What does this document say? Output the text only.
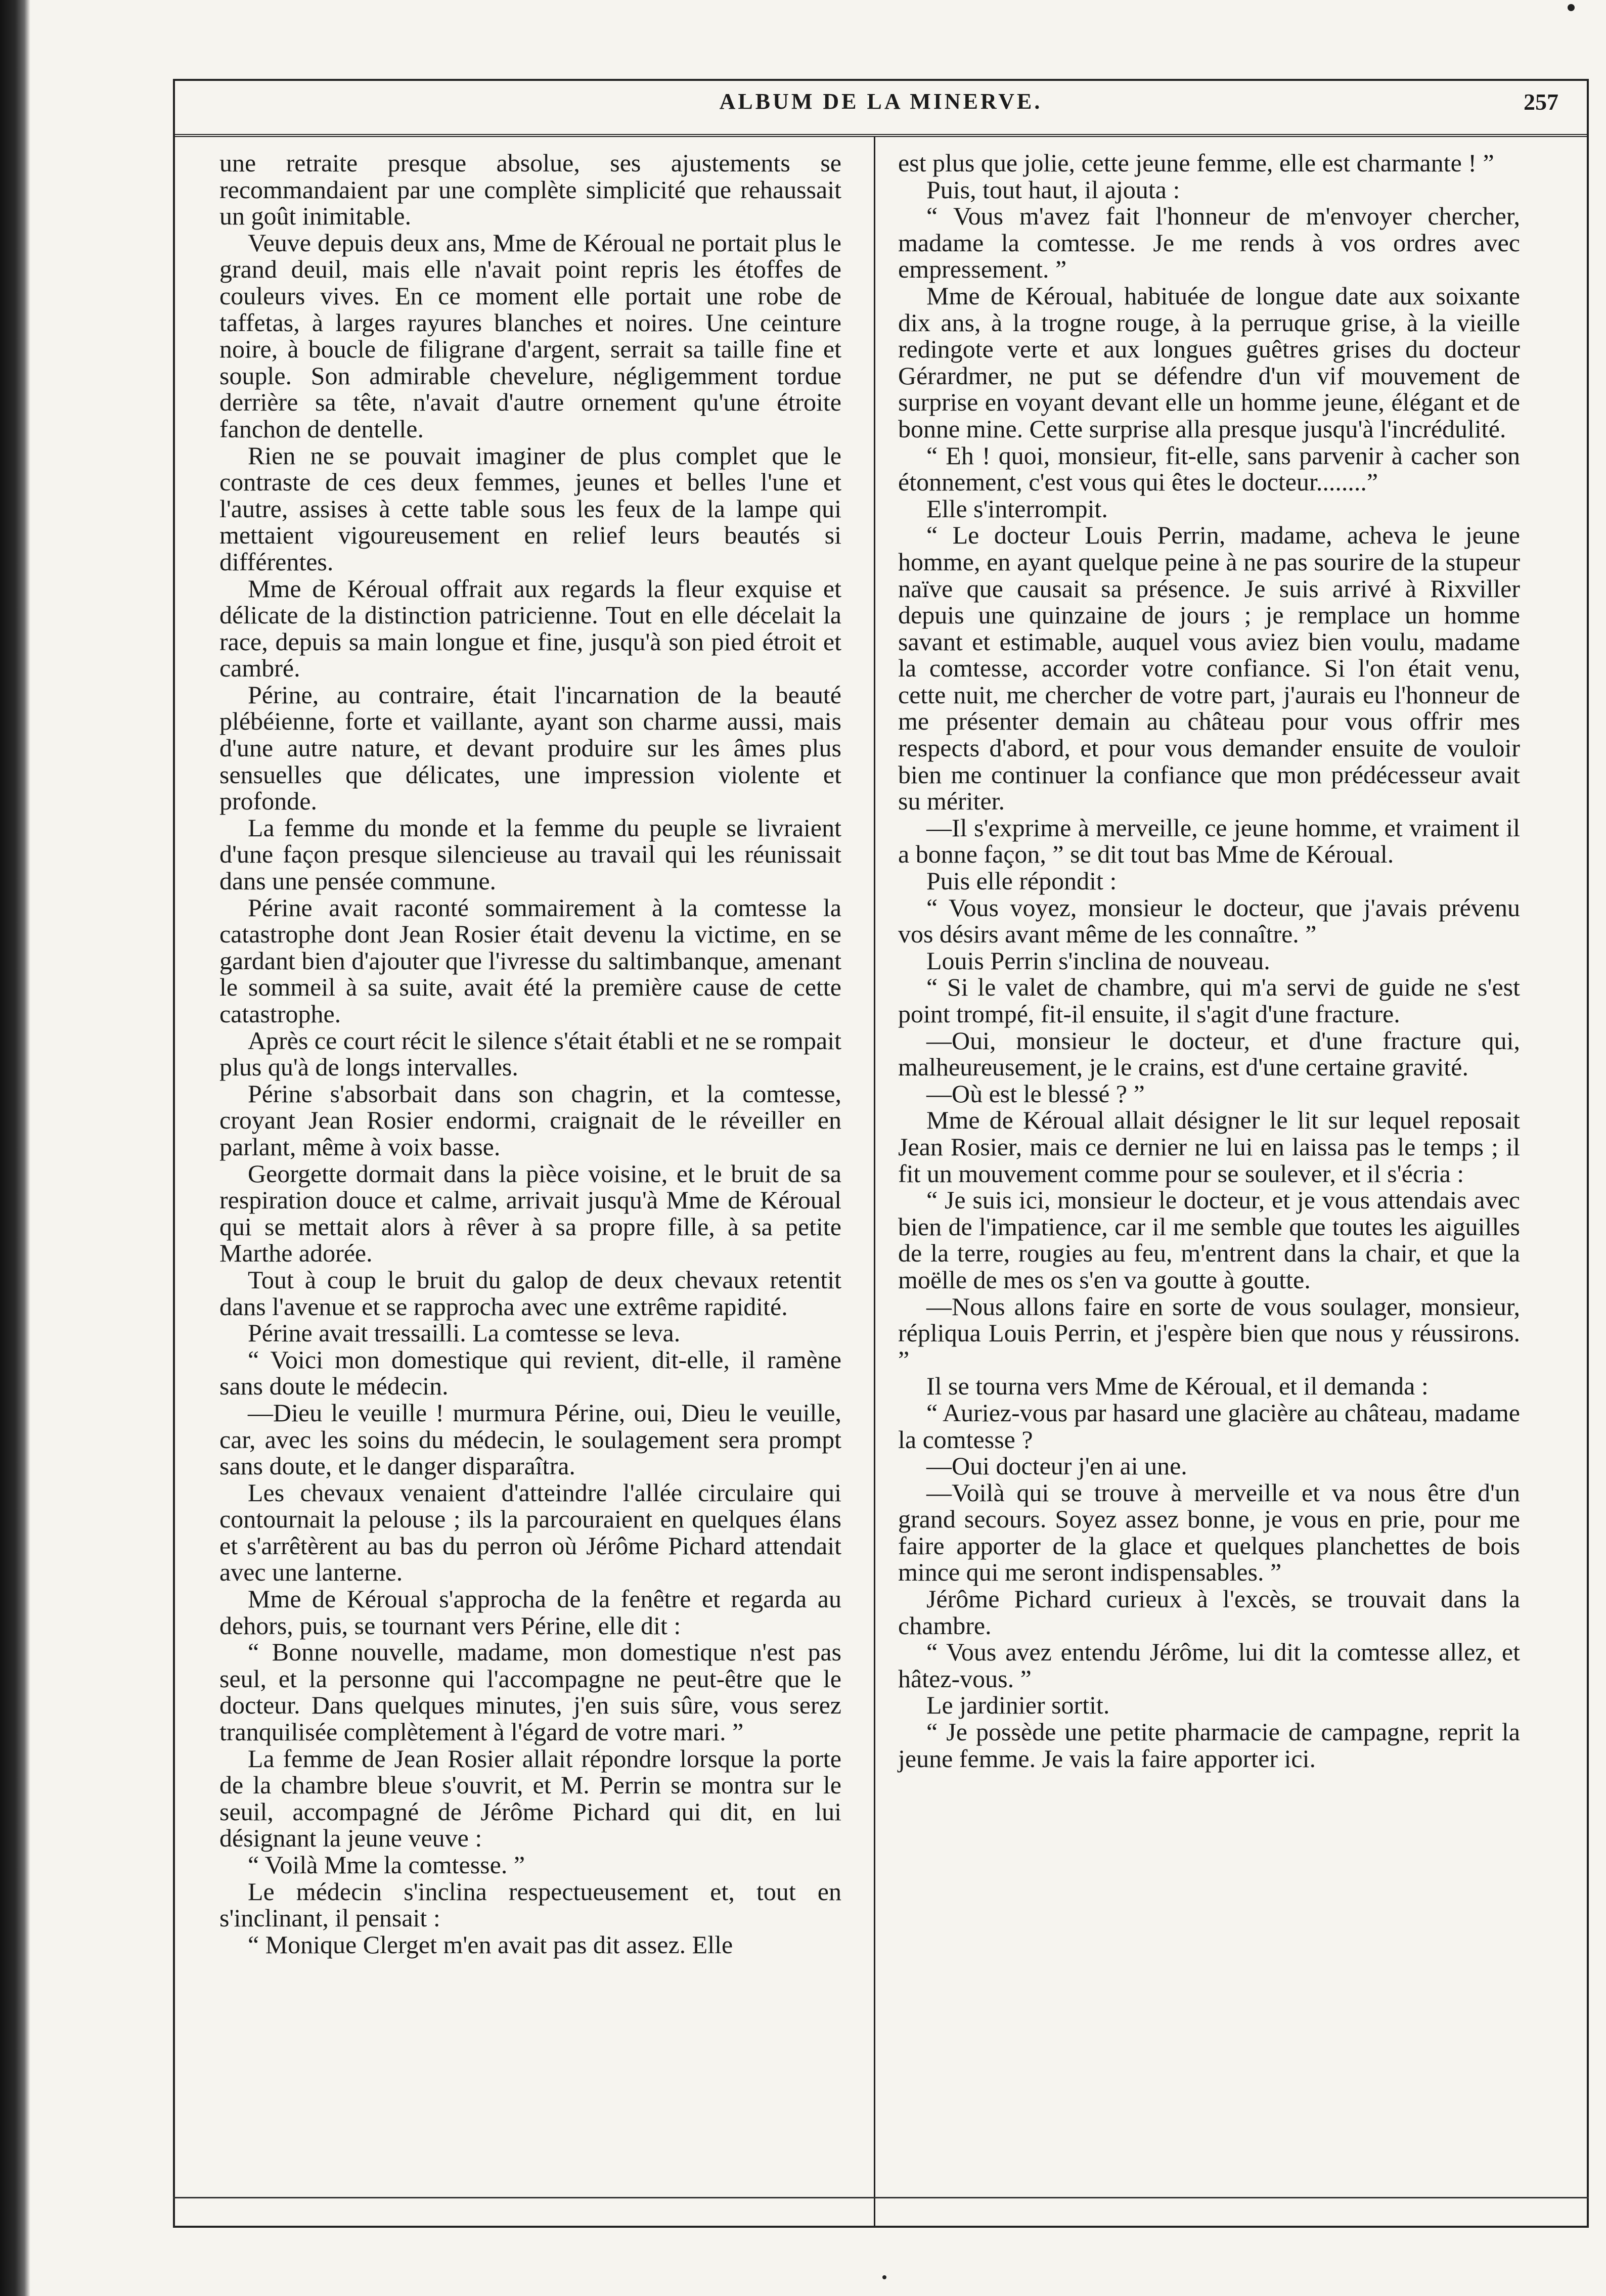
ALBUM DE LA MINERVE.	257

une retraite presque absolue, ses ajustements se recommandaient par une complète simplicité que rehaussait un goût inimitable.

Veuve depuis deux ans, Mme de Kéroual ne portait plus le grand deuil, mais elle n'avait point repris les étoffes de couleurs vives. En ce moment elle portait une robe de taffetas, à larges rayures blanches et noires. Une ceinture noire, à boucle de filigrane d'argent, serrait sa taille fine et souple. Son admirable chevelure, négligemment tordue derrière sa tête, n'avait d'autre ornement qu'une étroite fanchon de dentelle.

Rien ne se pouvait imaginer de plus complet que le contraste de ces deux femmes, jeunes et belles l'une et l'autre, assises à cette table sous les feux de la lampe qui mettaient vigoureusement en relief leurs beautés si différentes.

Mme de Kéroual offrait aux regards la fleur exquise et délicate de la distinction patricienne. Tout en elle décelait la race, depuis sa main longue et fine, jusqu'à son pied étroit et cambré.

Périne, au contraire, était l'incarnation de la beauté plébéienne, forte et vaillante, ayant son charme aussi, mais d'une autre nature, et devant produire sur les âmes plus sensuelles que délicates, une impression violente et profonde.

La femme du monde et la femme du peuple se livraient d'une façon presque silencieuse au travail qui les réunissait dans une pensée commune.

Périne avait raconté sommairement à la comtesse la catastrophe dont Jean Rosier était devenu la victime, en se gardant bien d'ajouter que l'ivresse du saltimbanque, amenant le sommeil à sa suite, avait été la première cause de cette catastrophe.

Après ce court récit le silence s'était établi et ne se rompait plus qu'à de longs intervalles.

Périne s'absorbait dans son chagrin, et la comtesse, croyant Jean Rosier endormi, craignait de le réveiller en parlant, même à voix basse.

Georgette dormait dans la pièce voisine, et le bruit de sa respiration douce et calme, arrivait jusqu'à Mme de Kéroual qui se mettait alors à rêver à sa propre fille, à sa petite Marthe adorée.

Tout à coup le bruit du galop de deux chevaux retentit dans l'avenue et se rapprocha avec une extrême rapidité.

Périne avait tressailli. La comtesse se leva.

“ Voici mon domestique qui revient, dit-elle, il ramène sans doute le médecin.

—Dieu le veuille ! murmura Périne, oui, Dieu le veuille, car, avec les soins du médecin, le soulagement sera prompt sans doute, et le danger disparaîtra.

Les chevaux venaient d'atteindre l'allée circulaire qui contournait la pelouse ; ils la parcouraient en quelques élans et s'arrêtèrent au bas du perron où Jérôme Pichard attendait avec une lanterne.

Mme de Kéroual s'approcha de la fenêtre et regarda au dehors, puis, se tournant vers Périne, elle dit :

“ Bonne nouvelle, madame, mon domestique n'est pas seul, et la personne qui l'accompagne ne peut-être que le docteur. Dans quelques minutes, j'en suis sûre, vous serez tranquilisée complètement à l'égard de votre mari. ”

La femme de Jean Rosier allait répondre lorsque la porte de la chambre bleue s'ouvrit, et M. Perrin se montra sur le seuil, accompagné de Jérôme Pichard qui dit, en lui désignant la jeune veuve :

“ Voilà Mme la comtesse. ”

Le médecin s'inclina respectueusement et, tout en s'inclinant, il pensait :

“ Monique Clerget m'en avait pas dit assez. Elle

est plus que jolie, cette jeune femme, elle est charmante ! ”

Puis, tout haut, il ajouta :

“ Vous m'avez fait l'honneur de m'envoyer chercher, madame la comtesse. Je me rends à vos ordres avec empressement. ”

Mme de Kéroual, habituée de longue date aux soixante dix ans, à la trogne rouge, à la perruque grise, à la vieille redingote verte et aux longues guêtres grises du docteur Gérardmer, ne put se défendre d'un vif mouvement de surprise en voyant devant elle un homme jeune, élégant et de bonne mine. Cette surprise alla presque jusqu'à l'incrédulité.

“ Eh ! quoi, monsieur, fit-elle, sans parvenir à cacher son étonnement, c'est vous qui êtes le docteur........”

Elle s'interrompit.

“ Le docteur Louis Perrin, madame, acheva le jeune homme, en ayant quelque peine à ne pas sourire de la stupeur naïve que causait sa présence. Je suis arrivé à Rixviller depuis une quinzaine de jours ; je remplace un homme savant et estimable, auquel vous aviez bien voulu, madame la comtesse, accorder votre confiance. Si l'on était venu, cette nuit, me chercher de votre part, j'aurais eu l'honneur de me présenter demain au château pour vous offrir mes respects d'abord, et pour vous demander ensuite de vouloir bien me continuer la confiance que mon prédécesseur avait su mériter.

—Il s'exprime à merveille, ce jeune homme, et vraiment il a bonne façon, ” se dit tout bas Mme de Kéroual.

Puis elle répondit :

“ Vous voyez, monsieur le docteur, que j'avais prévenu vos désirs avant même de les connaître. ”

Louis Perrin s'inclina de nouveau.

“ Si le valet de chambre, qui m'a servi de guide ne s'est point trompé, fit-il ensuite, il s'agit d'une fracture.

—Oui, monsieur le docteur, et d'une fracture qui, malheureusement, je le crains, est d'une certaine gravité.

—Où est le blessé ? ”

Mme de Kéroual allait désigner le lit sur lequel reposait Jean Rosier, mais ce dernier ne lui en laissa pas le temps ; il fit un mouvement comme pour se soulever, et il s'écria :

“ Je suis ici, monsieur le docteur, et je vous attendais avec bien de l'impatience, car il me semble que toutes les aiguilles de la terre, rougies au feu, m'entrent dans la chair, et que la moëlle de mes os s'en va goutte à goutte.

—Nous allons faire en sorte de vous soulager, monsieur, répliqua Louis Perrin, et j'espère bien que nous y réussirons. ”

Il se tourna vers Mme de Kéroual, et il demanda :

“ Auriez-vous par hasard une glacière au château, madame la comtesse ?

—Oui docteur j'en ai une.

—Voilà qui se trouve à merveille et va nous être d'un grand secours. Soyez assez bonne, je vous en prie, pour me faire apporter de la glace et quelques planchettes de bois mince qui me seront indispensables. ”

Jérôme Pichard curieux à l'excès, se trouvait dans la chambre.

“ Vous avez entendu Jérôme, lui dit la comtesse allez, et hâtez-vous. ”

Le jardinier sortit.

“ Je possède une petite pharmacie de campagne, reprit la jeune femme. Je vais la faire apporter ici.
